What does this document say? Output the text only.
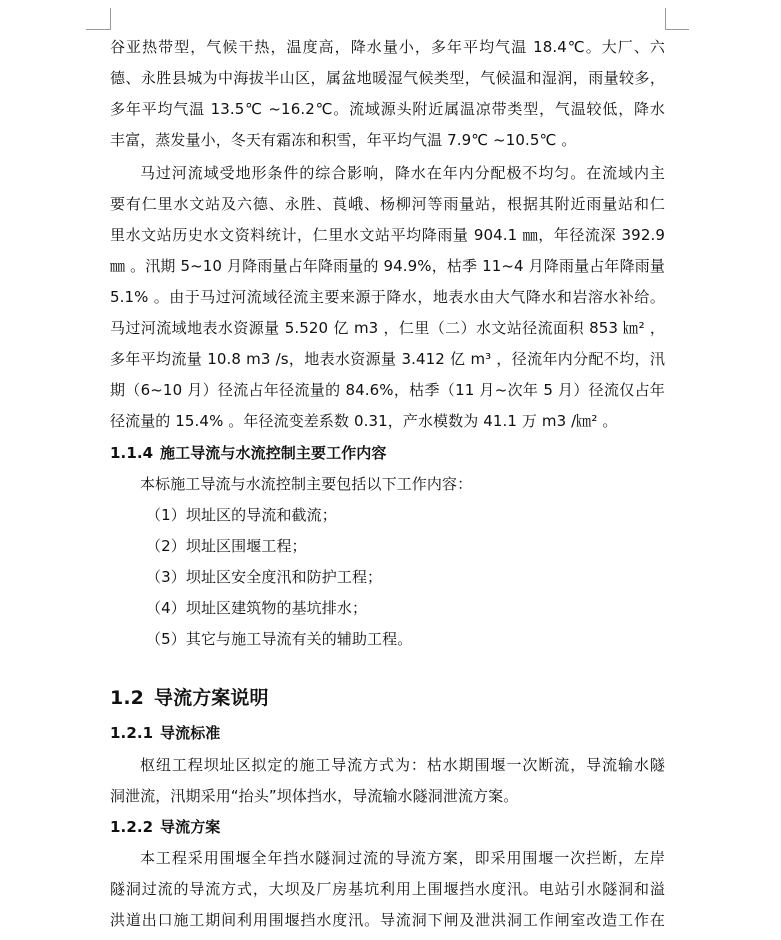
谷亚热带型，气候干热，温度高，降水量小，多年平均气温 18.4℃。大厂、六
德、永胜县城为中海拔半山区，属盆地暖湿气候类型，气候温和湿润，雨量较多，
多年平均气温 13.5℃ ~16.2℃。流域源头附近属温凉带类型，气温较低，降水
丰富，蒸发量小，冬天有霜冻和积雪，年平均气温 7.9℃ ~10.5℃ 。
马过河流域受地形条件的综合影响，降水在年内分配极不均匀。在流域内主
要有仁里水文站及六德、永胜、莨峨、杨柳河等雨量站，根据其附近雨量站和仁
里水文站历史水文资料统计，仁里水文站平均降雨量 904.1 ㎜，年径流深 392.9
㎜ 。汛期 5~10 月降雨量占年降雨量的 94.9%，枯季 11~4 月降雨量占年降雨量
5.1% 。由于马过河流域径流主要来源于降水，地表水由大气降水和岩溶水补给。
马过河流域地表水资源量 5.520 亿 m3 ，仁里（二）水文站径流面积 853 ㎞² ，
多年平均流量 10.8 m3 /s，地表水资源量 3.412 亿 m³ ，径流年内分配不均，汛
期（6~10 月）径流占年径流量的 84.6%，枯季（11 月~次年 5 月）径流仅占年
径流量的 15.4% 。年径流变差系数 0.31，产水模数为 41.1 万 m3 /㎞² 。
1.1.4 施工导流与水流控制主要工作内容
本标施工导流与水流控制主要包括以下工作内容：
（1）坝址区的导流和截流；
（2）坝址区围堰工程；
（3）坝址区安全度汛和防护工程；
（4）坝址区建筑物的基坑排水；
（5）其它与施工导流有关的辅助工程。
1.2 导流方案说明
1.2.1 导流标准
枢纽工程坝址区拟定的施工导流方式为：枯水期围堰一次断流，导流输水隧
洞泄流，汛期采用“抬头”坝体挡水，导流输水隧洞泄流方案。
1.2.2 导流方案
本工程采用围堰全年挡水隧洞过流的导流方案，即采用围堰一次拦断，左岸
隧洞过流的导流方式，大坝及厂房基坑利用上围堰挡水度汛。电站引水隧洞和溢
洪道出口施工期间利用围堰挡水度汛。导流洞下闸及泄洪洞工作闸室改造工作在
